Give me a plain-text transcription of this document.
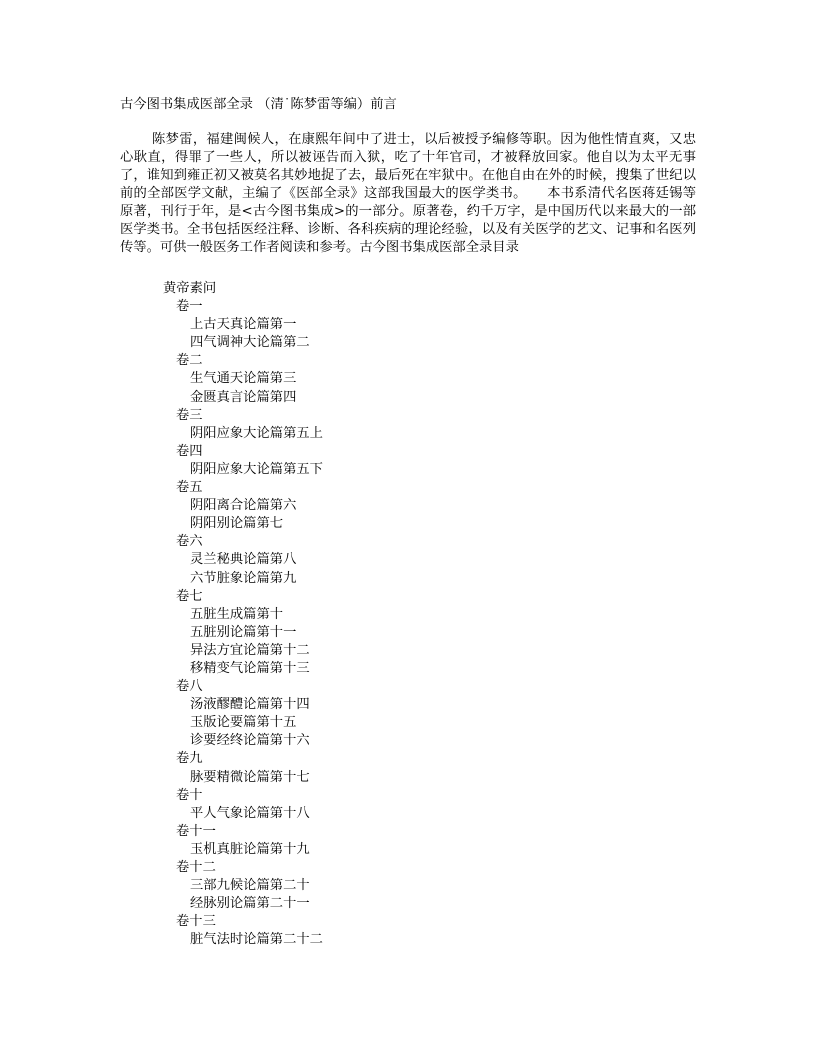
古今图书集成医部全录 （清˙陈梦雷等编）前言

陈梦雷，福建闽候人，在康熙年间中了进士，以后被授予编修等职。因为他性情直爽，又忠心耿直，得罪了一些人，所以被诬告而入狱，吃了十年官司，才被释放回家。他自以为太平无事了，谁知到雍正初又被莫名其妙地捉了去，最后死在牢狱中。在他自由在外的时候，搜集了世纪以前的全部医学文献，主编了《医部全录》这部我国最大的医学类书。　　本书系清代名医蒋廷锡等原著，刊行于年，是<古今图书集成>的一部分。原著卷，约千万字，是中国历代以来最大的一部医学类书。全书包括医经注释、诊断、各科疾病的理论经验，以及有关医学的艺文、记事和名医列传等。可供一般医务工作者阅读和参考。古今图书集成医部全录目录

黄帝素问
卷一
上古天真论篇第一
四气调神大论篇第二
卷二
生气通天论篇第三
金匮真言论篇第四
卷三
阴阳应象大论篇第五上
卷四
阴阳应象大论篇第五下
卷五
阴阳离合论篇第六
阴阳别论篇第七
卷六
灵兰秘典论篇第八
六节脏象论篇第九
卷七
五脏生成篇第十
五脏别论篇第十一
异法方宜论篇第十二
移精变气论篇第十三
卷八
汤液醪醴论篇第十四
玉版论要篇第十五
诊要经终论篇第十六
卷九
脉要精微论篇第十七
卷十
平人气象论篇第十八
卷十一
玉机真脏论篇第十九
卷十二
三部九候论篇第二十
经脉别论篇第二十一
卷十三
脏气法时论篇第二十二
